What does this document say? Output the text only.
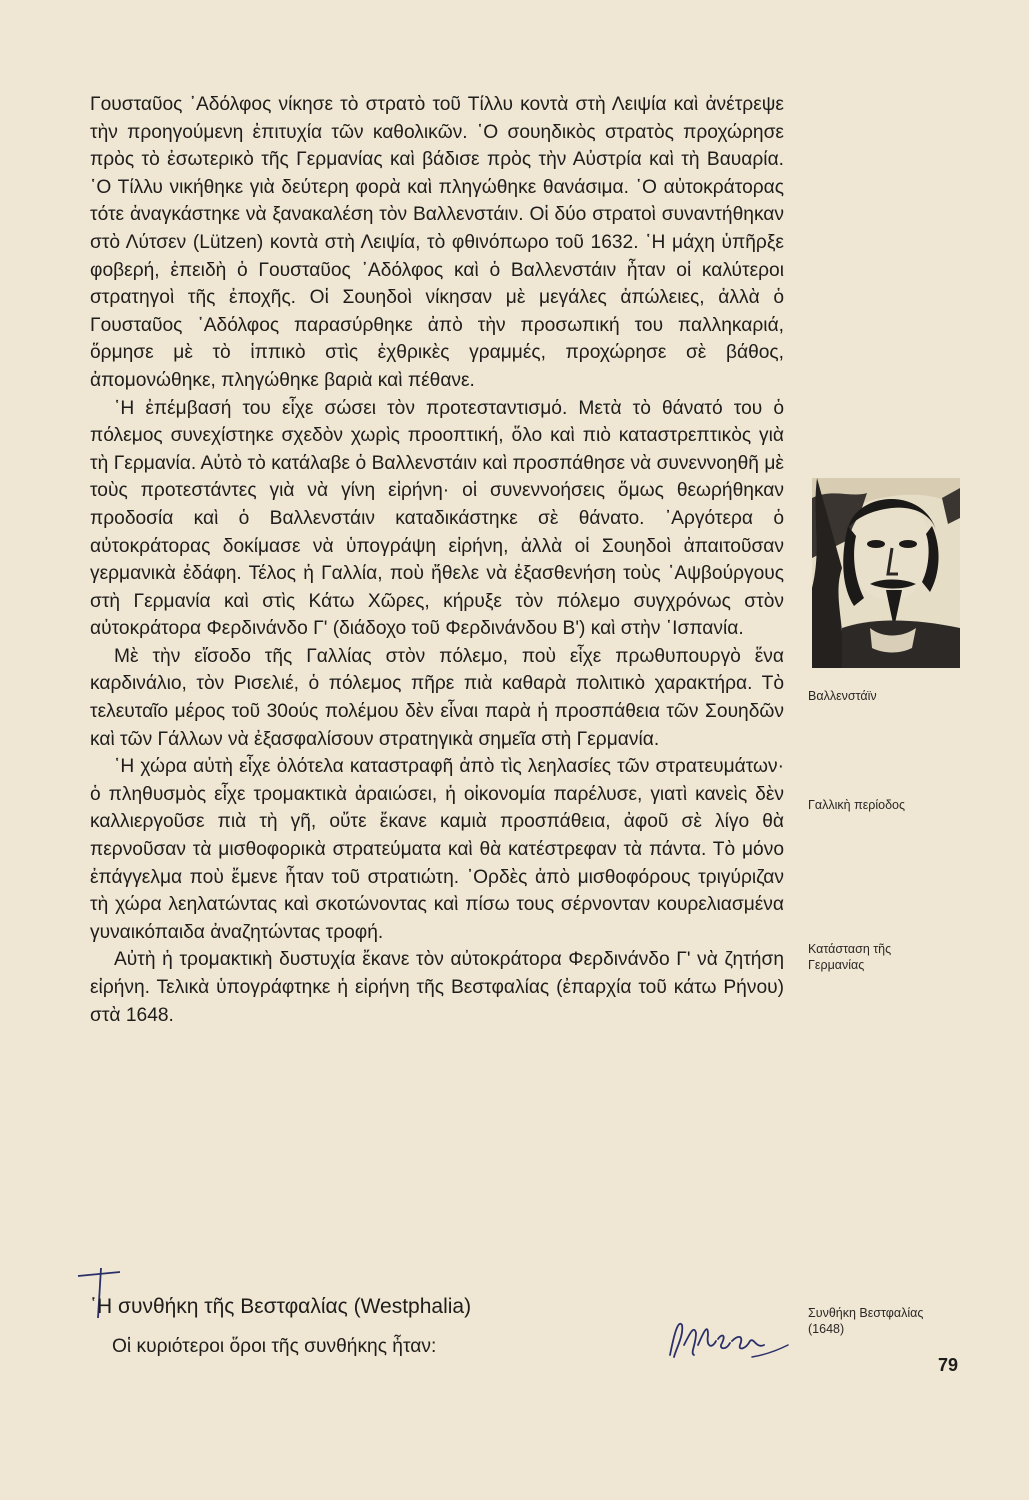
Γουσταῦος ᾿Αδόλφος νίκησε τὸ στρατὸ τοῦ Τίλλυ κοντὰ στὴ Λειψία καὶ ἀνέτρεψε τὴν προηγούμενη ἐπιτυχία τῶν καθολικῶν. ῾Ο σουηδικὸς στρατὸς προχώρησε πρὸς τὸ ἐσωτερικὸ τῆς Γερμανίας καὶ βάδισε πρὸς τὴν Αὐστρία καὶ τὴ Βαυαρία. ῾Ο Τίλλυ νικήθηκε γιὰ δεύτερη φορὰ καὶ πληγώθηκε θανάσιμα. ῾Ο αὐτοκράτορας τότε ἀναγκάστηκε νὰ ξανακαλέση τὸν Βαλλενστάιν. Οἱ δύο στρατοὶ συναντήθηκαν στὸ Λύτσεν (Lützen) κοντὰ στὴ Λειψία, τὸ φθινόπωρο τοῦ 1632. ῾Η μάχη ὑπῆρξε φοβερή, ἐπειδὴ ὁ Γουσταῦος ᾿Αδόλφος καὶ ὁ Βαλλενστάιν ἦταν οἱ καλύτεροι στρατηγοὶ τῆς ἐποχῆς. Οἱ Σουηδοὶ νίκησαν μὲ μεγάλες ἀπώλειες, ἀλλὰ ὁ Γουσταῦος ᾿Αδόλφος παρασύρθηκε ἀπὸ τὴν προσωπική του παλληκαριά, ὅρμησε μὲ τὸ ἱππικὸ στὶς ἐχθρικὲς γραμμές, προχώρησε σὲ βάθος, ἀπομονώθηκε, πληγώθηκε βαριὰ καὶ πέθανε.

῾Η ἐπέμβασή του εἶχε σώσει τὸν προτεσταντισμό. Μετὰ τὸ θάνατό του ὁ πόλεμος συνεχίστηκε σχεδὸν χωρὶς προοπτική, ὅλο καὶ πιὸ καταστρεπτικὸς γιὰ τὴ Γερμανία. Αὐτὸ τὸ κατάλαβε ὁ Βαλλενστάιν καὶ προσπάθησε νὰ συνεννοηθῆ μὲ τοὺς προτεστάντες γιὰ νὰ γίνη εἰρήνη· οἱ συνεννοήσεις ὅμως θεωρήθηκαν προδοσία καὶ ὁ Βαλλενστάιν καταδικάστηκε σὲ θάνατο. ᾿Αργότερα ὁ αὐτοκράτορας δοκίμασε νὰ ὑπογράψη εἰρήνη, ἀλλὰ οἱ Σουηδοὶ ἀπαιτοῦσαν γερμανικὰ ἐδάφη. Τέλος ἡ Γαλλία, ποὺ ἤθελε νὰ ἐξασθενήση τοὺς ῾Αψβούργους στὴ Γερμανία καὶ στὶς Κάτω Χῶρες, κήρυξε τὸν πόλεμο συγχρόνως στὸν αὐτοκράτορα Φερδινάνδο Γ' (διάδοχο τοῦ Φερδινάνδου Β') καὶ στὴν ῾Ισπανία.

Μὲ τὴν εἴσοδο τῆς Γαλλίας στὸν πόλεμο, ποὺ εἶχε πρωθυπουργὸ ἕνα καρδινάλιο, τὸν Ρισελιέ, ὁ πόλεμος πῆρε πιὰ καθαρὰ πολιτικὸ χαρακτήρα. Τὸ τελευταῖο μέρος τοῦ 30ούς πολέμου δὲν εἶναι παρὰ ἡ προσπάθεια τῶν Σουηδῶν καὶ τῶν Γάλλων νὰ ἐξασφαλίσουν στρατηγικὰ σημεῖα στὴ Γερμανία.

῾Η χώρα αὐτὴ εἶχε ὁλότελα καταστραφῆ ἀπὸ τὶς λεηλασίες τῶν στρατευμάτων· ὁ πληθυσμὸς εἶχε τρομακτικὰ ἀραιώσει, ἡ οἰκονομία παρέλυσε, γιατὶ κανεὶς δὲν καλλιεργοῦσε πιὰ τὴ γῆ, οὔτε ἔκανε καμιὰ προσπάθεια, ἀφοῦ σὲ λίγο θὰ περνοῦσαν τὰ μισθοφορικὰ στρατεύματα καὶ θὰ κατέστρεφαν τὰ πάντα. Τὸ μόνο ἐπάγγελμα ποὺ ἔμενε ἦταν τοῦ στρατιώτη. ᾿Ορδὲς ἀπὸ μισθοφόρους τριγύριζαν τὴ χώρα λεηλατώντας καὶ σκοτώνοντας καὶ πίσω τους σέρνονταν κουρελιασμένα γυναικόπαιδα ἀναζητώντας τροφή.

Αὐτὴ ἡ τρομακτικὴ δυστυχία ἔκανε τὸν αὐτοκράτορα Φερδινάνδο Γ' νὰ ζητήση εἰρήνη. Τελικὰ ὑπογράφτηκε ἡ εἰρήνη τῆς Βεστφαλίας (ἐπαρχία τοῦ κάτω Ρήνου) στὰ 1648.

῾Η συνθήκη τῆς Βεστφαλίας (Westphalia)
Οἱ κυριότεροι ὅροι τῆς συνθήκης ἦταν:
Βαλλενστάϊν
Γαλλικὴ περίοδος
Κατάσταση τῆς Γερμανίας
Συνθήκη Βεστφαλίας (1648)
79
